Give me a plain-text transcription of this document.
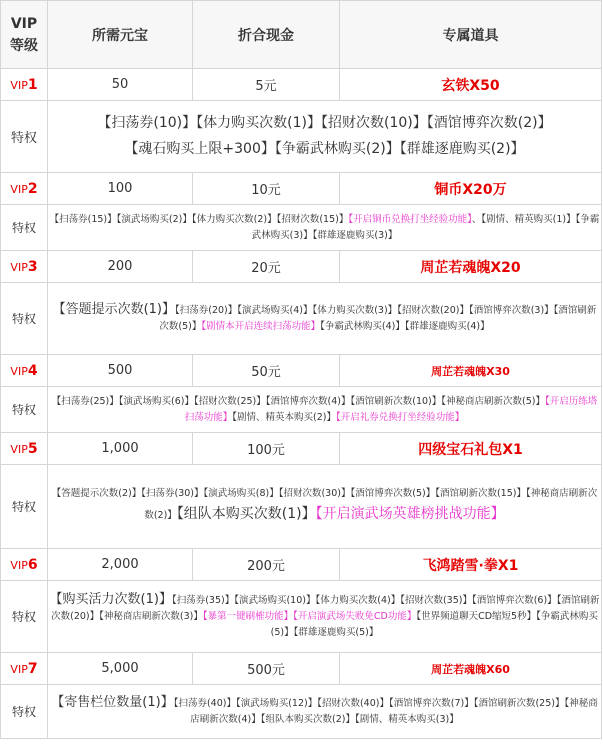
VIP
等级	所需元宝	折合现金	专属道具
VIP1	50	5元	玄铁X50
特权	【扫荡券(10)】【体力购买次数(1)】【招财次数(10)】【酒馆博弈次数(2)】
【魂石购买上限+300】【争霸武林购买(2)】【群雄逐鹿购买(2)】		
VIP2	100	10元	铜币X20万
特权	【扫荡券(15)】【演武场购买(2)】【体力购买次数(2)】【招财次数(15)】【开启铜币兑换打坐经验功能】、【剧情、精英购买(1)】【争霸武林购买(3)】【群雄逐鹿购买(3)】		
VIP3	200	20元	周芷若魂魄X20
特权	【答题提示次数(1)】【扫荡券(20)】【演武场购买(4)】【体力购买次数(3)】【招财次数(20)】【酒馆博弈次数(3)】【酒馆刷新次数(5)】【剧情本开启连续扫荡功能】【争霸武林购买(4)】【群雄逐鹿购买(4)】		
VIP4	500	50元	周芷若魂魄X30
特权	【扫荡券(25)】【演武场购买(6)】【招财次数(25)】【酒馆博弈次数(4)】【酒馆刷新次数(10)】【神秘商店刷新次数(5)】【开启历练塔扫荡功能】【剧情、精英本购买(2)】【开启礼券兑换打坐经验功能】		
VIP5	1,000	100元	四级宝石礼包X1
特权	【答题提示次数(2)】【扫荡券(30)】【演武场购买(8)】【招财次数(30)】【酒馆博弈次数(5)】【酒馆刷新次数(15)】【神秘商店刷新次数(2)】【组队本购买次数(1)】【开启演武场英雄榜挑战功能】		
VIP6	2,000	200元	飞鸿踏雪·拳X1
特权	【购买活力次数(1)】【扫荡券(35)】【演武场购买(10)】【体力购买次数(4)】【招财次数(35)】【酒馆博弈次数(6)】【酒馆刷新次数(20)】【神秘商店刷新次数(3)】【暴第一键刷榷功能】【开启演武场失败免CD功能】【世界频道聊天CD缩短5秒】【争霸武林购买(5)】【群雄逐鹿购买(5)】		
VIP7	5,000	500元	周芷若魂魄X60
特权	【寄售栏位数量(1)】【扫荡券(40)】【演武场购买(12)】【招财次数(40)】【酒馆博弈次数(7)】【酒馆刷新次数(25)】【神秘商店刷新次数(4)】【组队本购买次数(2)】【剧情、精英本购买(3)】		
